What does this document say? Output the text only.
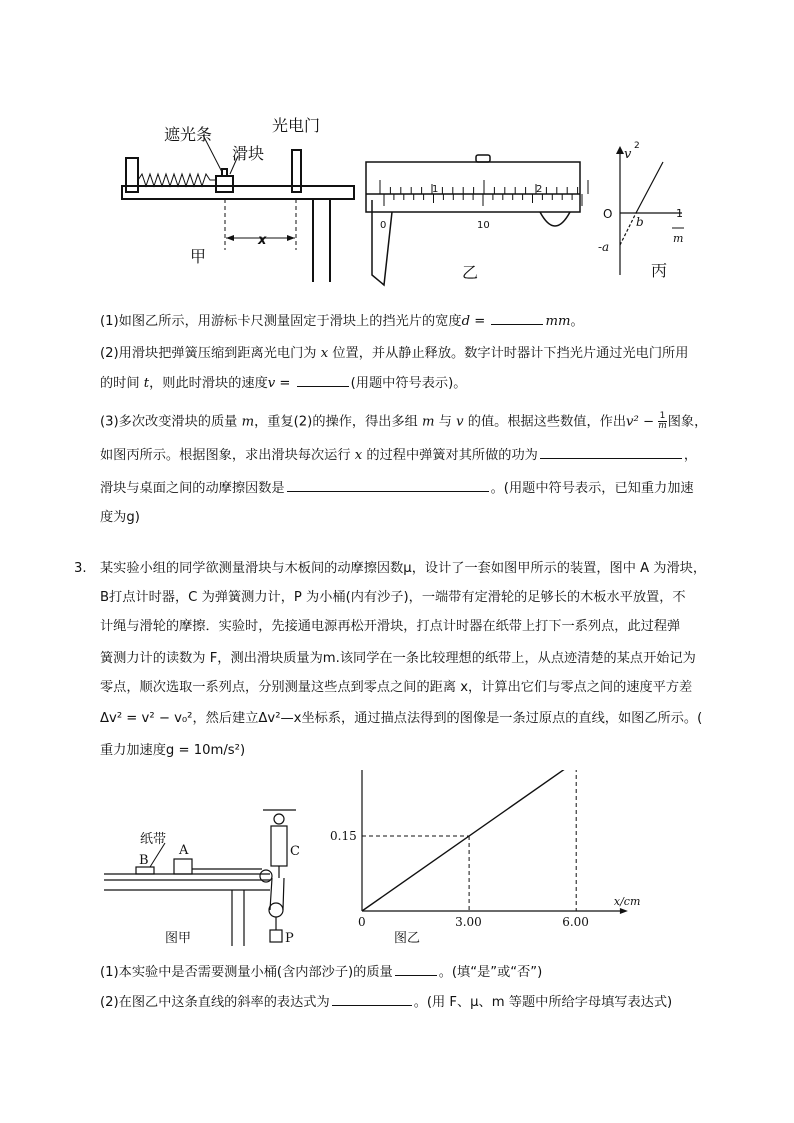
遮光条
滑块
光电门
x
甲
1	2
0	10
乙
v
2
O
b
-a
1
m
丙
(1)如图乙所示，用游标卡尺测量固定于滑块上的挡光片的宽度d =	mm。
(2)用滑块把弹簧压缩到距离光电门为 x 位置，并从静止释放。数字计时器计下挡光片通过光电门所用
的时间 t，则此时滑块的速度v =	(用题中符号表示)。
(3)多次改变滑块的质量 m，重复(2)的操作，得出多组 m 与 v 的值。根据这些数值，作出$v^2 - \frac{1}{m}$ 图象，
如图丙所示。根据图象，求出滑块每次运行 x 的过程中弹簧对其所做的功为	，
滑块与桌面之间的动摩擦因数是	。(用题中符号表示，已知重力加速
度为g)
3. 某实验小组的同学欲测量滑块与木板间的动摩擦因数μ，设计了一套如图甲所示的装置，图中 A 为滑块，
B打点计时器，C 为弹簧测力计，P 为小桶(内有沙子)，一端带有定滑轮的足够长的木板水平放置，不
计绳与滑轮的摩擦．实验时，先接通电源再松开滑块，打点计时器在纸带上打下一系列点，此过程弹
簧测力计的读数为 F，测出滑块质量为m.该同学在一条比较理想的纸带上，从点迹清楚的某点开始记为
零点，顺次选取一系列点，分别测量这些点到零点之间的距离 x，计算出它们与零点之间的速度平方差
Δv² = v² − v₀²，然后建立Δv²—x坐标系，通过描点法得到的图像是一条过原点的直线，如图乙所示。(
重力加速度g = 10m/s²)
纸带
A
B
C
P
图甲
0	3.00	6.00
0.15
x/cm
图乙
(1)本实验中是否需要测量小桶(含内部沙子)的质量	。(填“是”或“否”)
(2)在图乙中这条直线的斜率的表达式为	。(用 F、μ、m 等题中所给字母填写表达式)
